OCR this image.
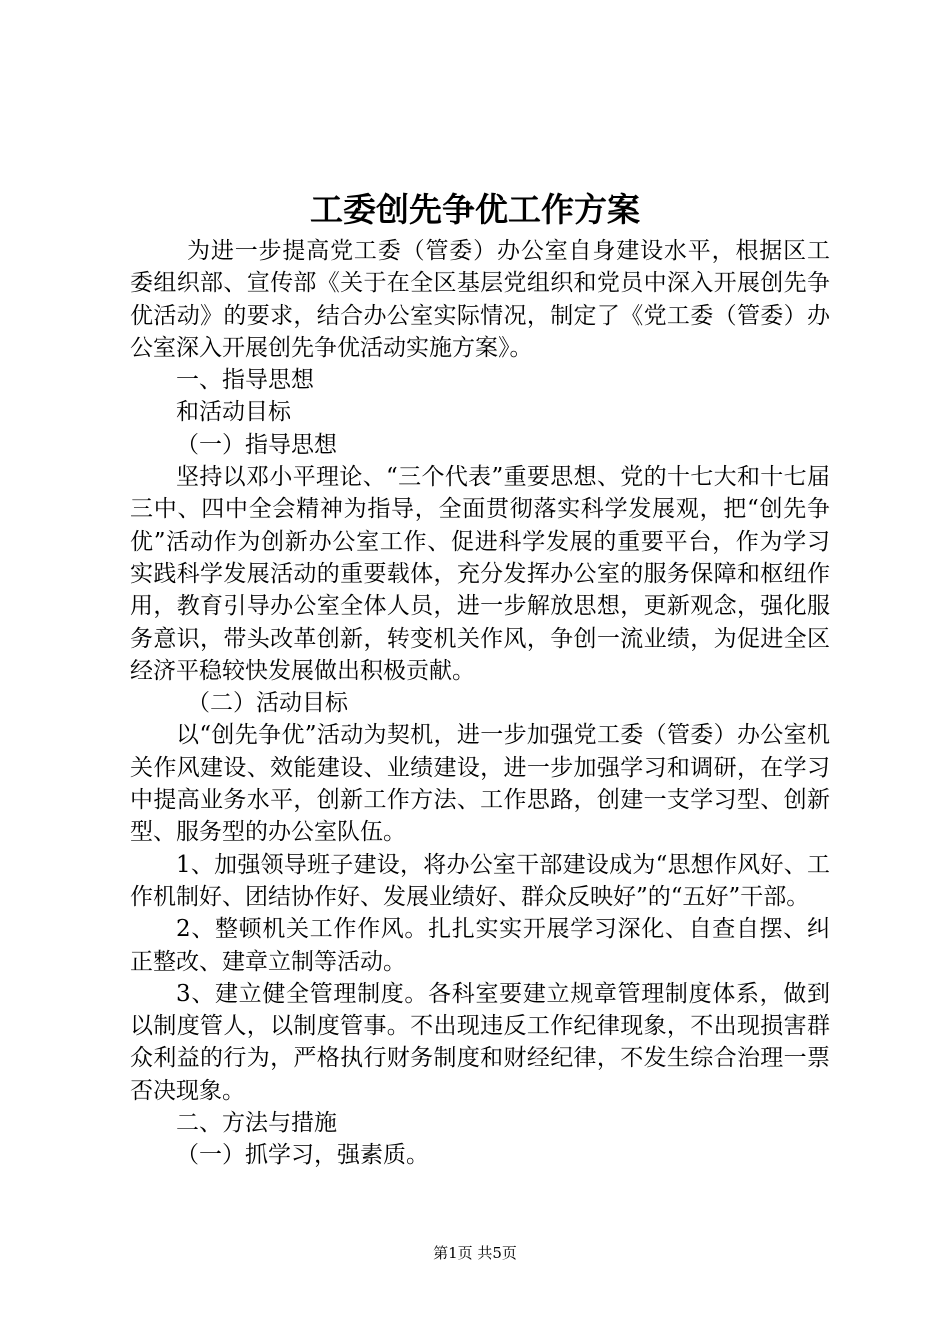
工委创先争优工作方案

为进一步提高党工委（管委）办公室自身建设水平，根据区工委组织部、宣传部《关于在全区基层党组织和党员中深入开展创先争优活动》的要求，结合办公室实际情况，制定了《党工委（管委）办公室深入开展创先争优活动实施方案》。

一、指导思想

和活动目标

（一）指导思想

坚持以邓小平理论、“三个代表”重要思想、党的十七大和十七届三中、四中全会精神为指导，全面贯彻落实科学发展观，把“创先争优”活动作为创新办公室工作、促进科学发展的重要平台，作为学习实践科学发展活动的重要载体，充分发挥办公室的服务保障和枢纽作用，教育引导办公室全体人员，进一步解放思想，更新观念，强化服务意识，带头改革创新，转变机关作风，争创一流业绩，为促进全区经济平稳较快发展做出积极贡献。

（二）活动目标

以“创先争优”活动为契机，进一步加强党工委（管委）办公室机关作风建设、效能建设、业绩建设，进一步加强学习和调研，在学习中提高业务水平，创新工作方法、工作思路，创建一支学习型、创新型、服务型的办公室队伍。

1、加强领导班子建设，将办公室干部建设成为“思想作风好、工作机制好、团结协作好、发展业绩好、群众反映好”的“五好”干部。

2、整顿机关工作作风。扎扎实实开展学习深化、自查自摆、纠正整改、建章立制等活动。

3、建立健全管理制度。各科室要建立规章管理制度体系，做到以制度管人，以制度管事。不出现违反工作纪律现象，不出现损害群众利益的行为，严格执行财务制度和财经纪律，不发生综合治理一票否决现象。

二、方法与措施

（一）抓学习，强素质。

第1页 共5页
